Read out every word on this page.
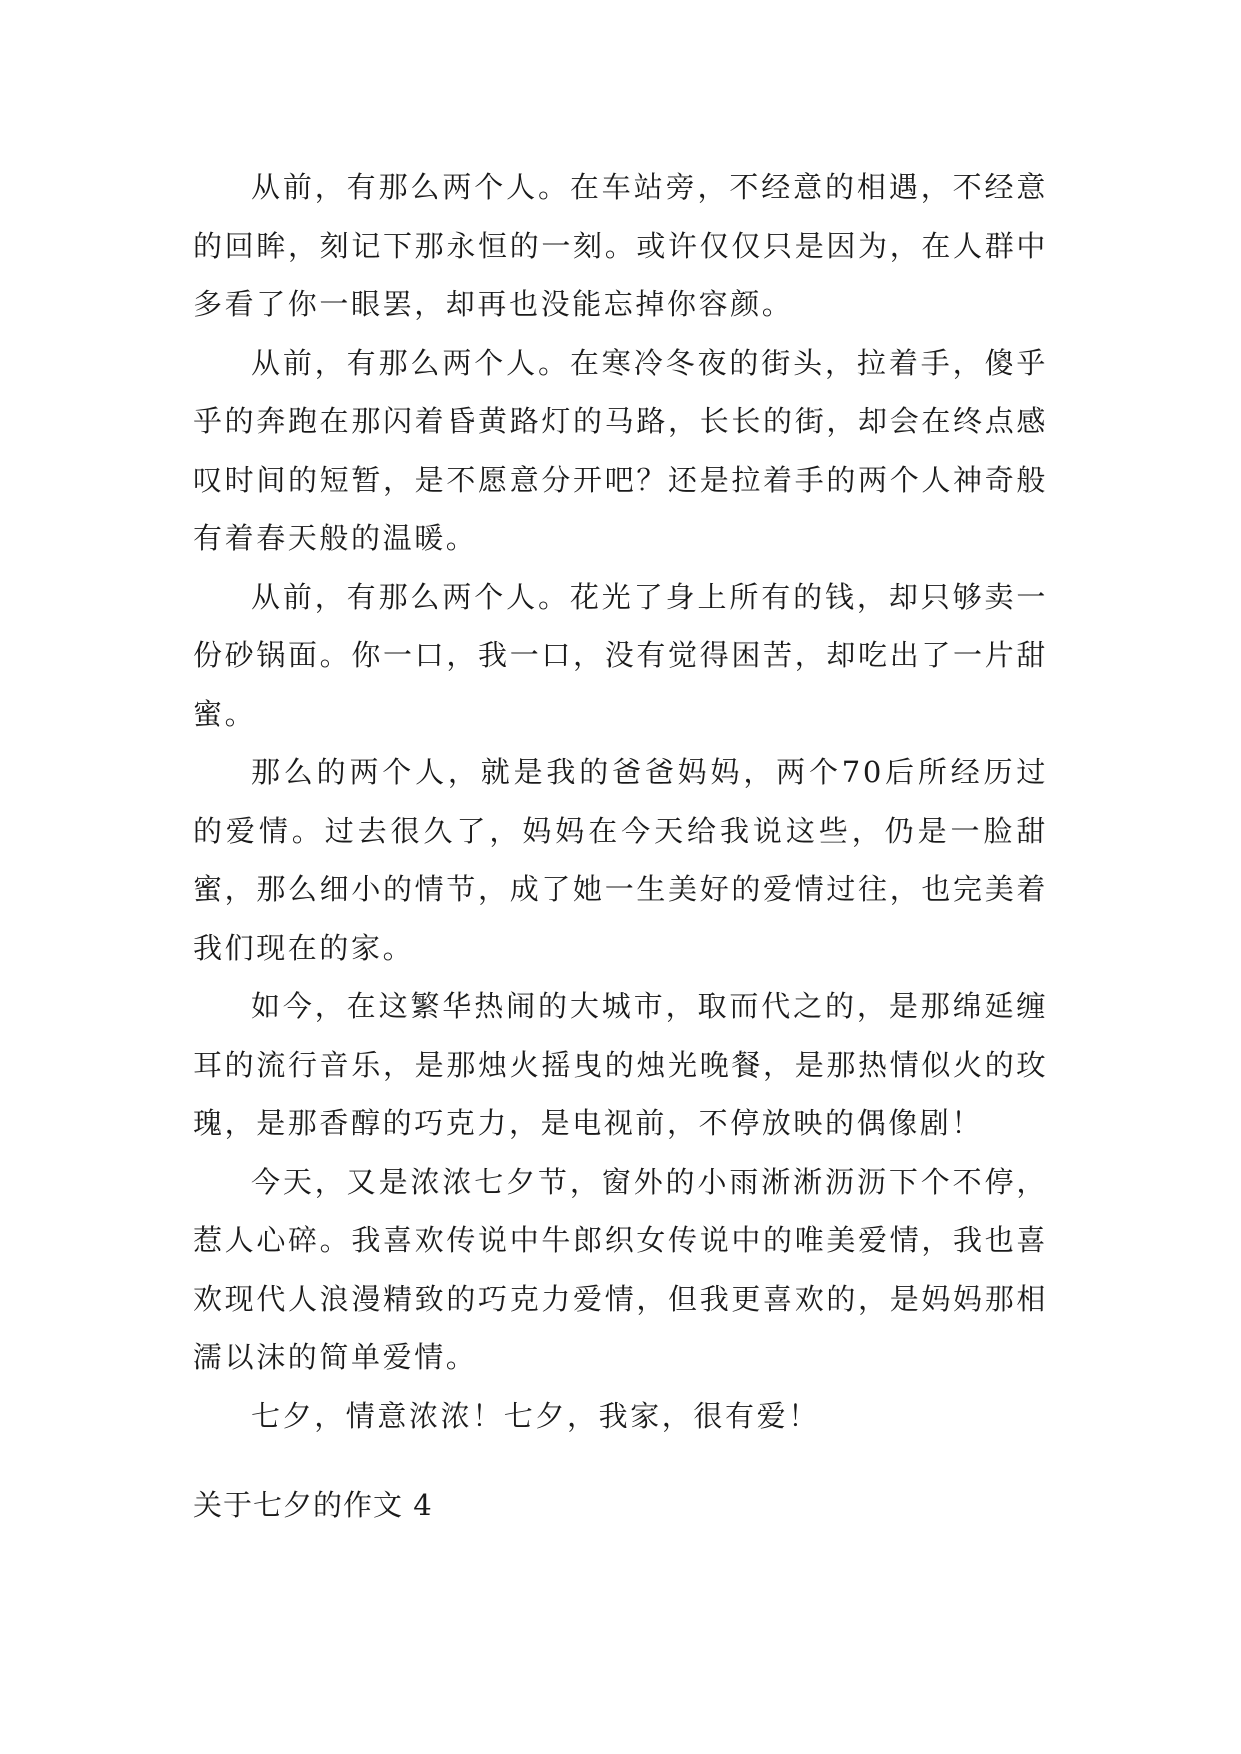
从前，有那么两个人。在车站旁，不经意的相遇，不经意的回眸，刻记下那永恒的一刻。或许仅仅只是因为，在人群中多看了你一眼罢，却再也没能忘掉你容颜。

从前，有那么两个人。在寒冷冬夜的街头，拉着手，傻乎乎的奔跑在那闪着昏黄路灯的马路，长长的街，却会在终点感叹时间的短暂，是不愿意分开吧？还是拉着手的两个人神奇般有着春天般的温暖。

从前，有那么两个人。花光了身上所有的钱，却只够卖一份砂锅面。你一口，我一口，没有觉得困苦，却吃出了一片甜蜜。

那么的两个人，就是我的爸爸妈妈，两个70后所经历过的爱情。过去很久了，妈妈在今天给我说这些，仍是一脸甜蜜，那么细小的情节，成了她一生美好的爱情过往，也完美着我们现在的家。

如今，在这繁华热闹的大城市，取而代之的，是那绵延缠耳的流行音乐，是那烛火摇曳的烛光晚餐，是那热情似火的玫瑰，是那香醇的巧克力，是电视前，不停放映的偶像剧！

今天，又是浓浓七夕节，窗外的小雨淅淅沥沥下个不停，惹人心碎。我喜欢传说中牛郎织女传说中的唯美爱情，我也喜欢现代人浪漫精致的巧克力爱情，但我更喜欢的，是妈妈那相濡以沫的简单爱情。

七夕，情意浓浓！七夕，我家，很有爱！

关于七夕的作文 4
